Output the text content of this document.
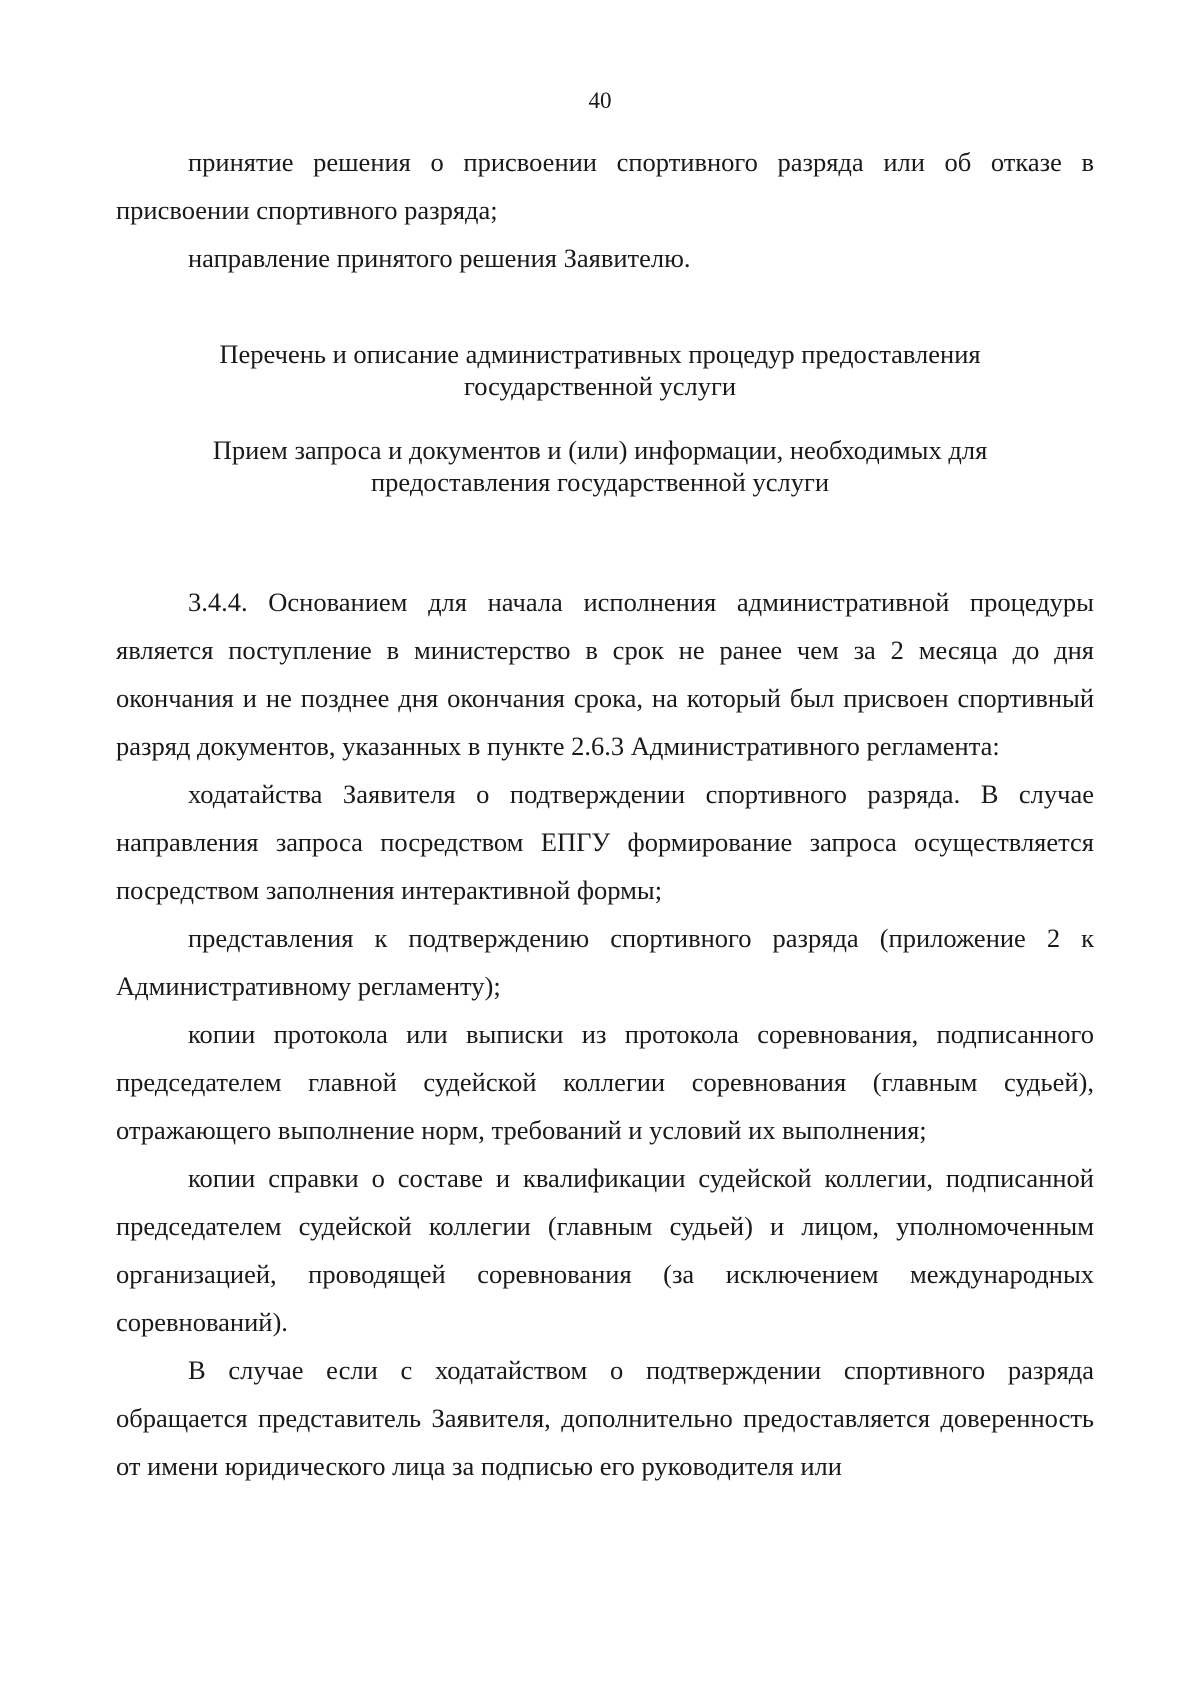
40

принятие решения о присвоении спортивного разряда или об отказе в присвоении спортивного разряда;

направление принятого решения Заявителю.

Перечень и описание административных процедур предоставления государственной услуги
Прием запроса и документов и (или) информации, необходимых для предоставления государственной услуги

3.4.4. Основанием для начала исполнения административной процедуры является поступление в министерство в срок не ранее чем за 2 месяца до дня окончания и не позднее дня окончания срока, на который был присвоен спортивный разряд документов, указанных в пункте 2.6.3 Административного регламента:

ходатайства Заявителя о подтверждении спортивного разряда. В случае направления запроса посредством ЕПГУ формирование запроса осуществляется посредством заполнения интерактивной формы;

представления к подтверждению спортивного разряда (приложение 2 к Административному регламенту);

копии протокола или выписки из протокола соревнования, подписанного председателем главной судейской коллегии соревнования (главным судьей), отражающего выполнение норм, требований и условий их выполнения;

копии справки о составе и квалификации судейской коллегии, подписанной председателем судейской коллегии (главным судьей) и лицом, уполномоченным организацией, проводящей соревнования (за исключением международных соревнований).

В случае если с ходатайством о подтверждении спортивного разряда обращается представитель Заявителя, дополнительно предоставляется доверенность от имени юридического лица за подписью его руководителя или
